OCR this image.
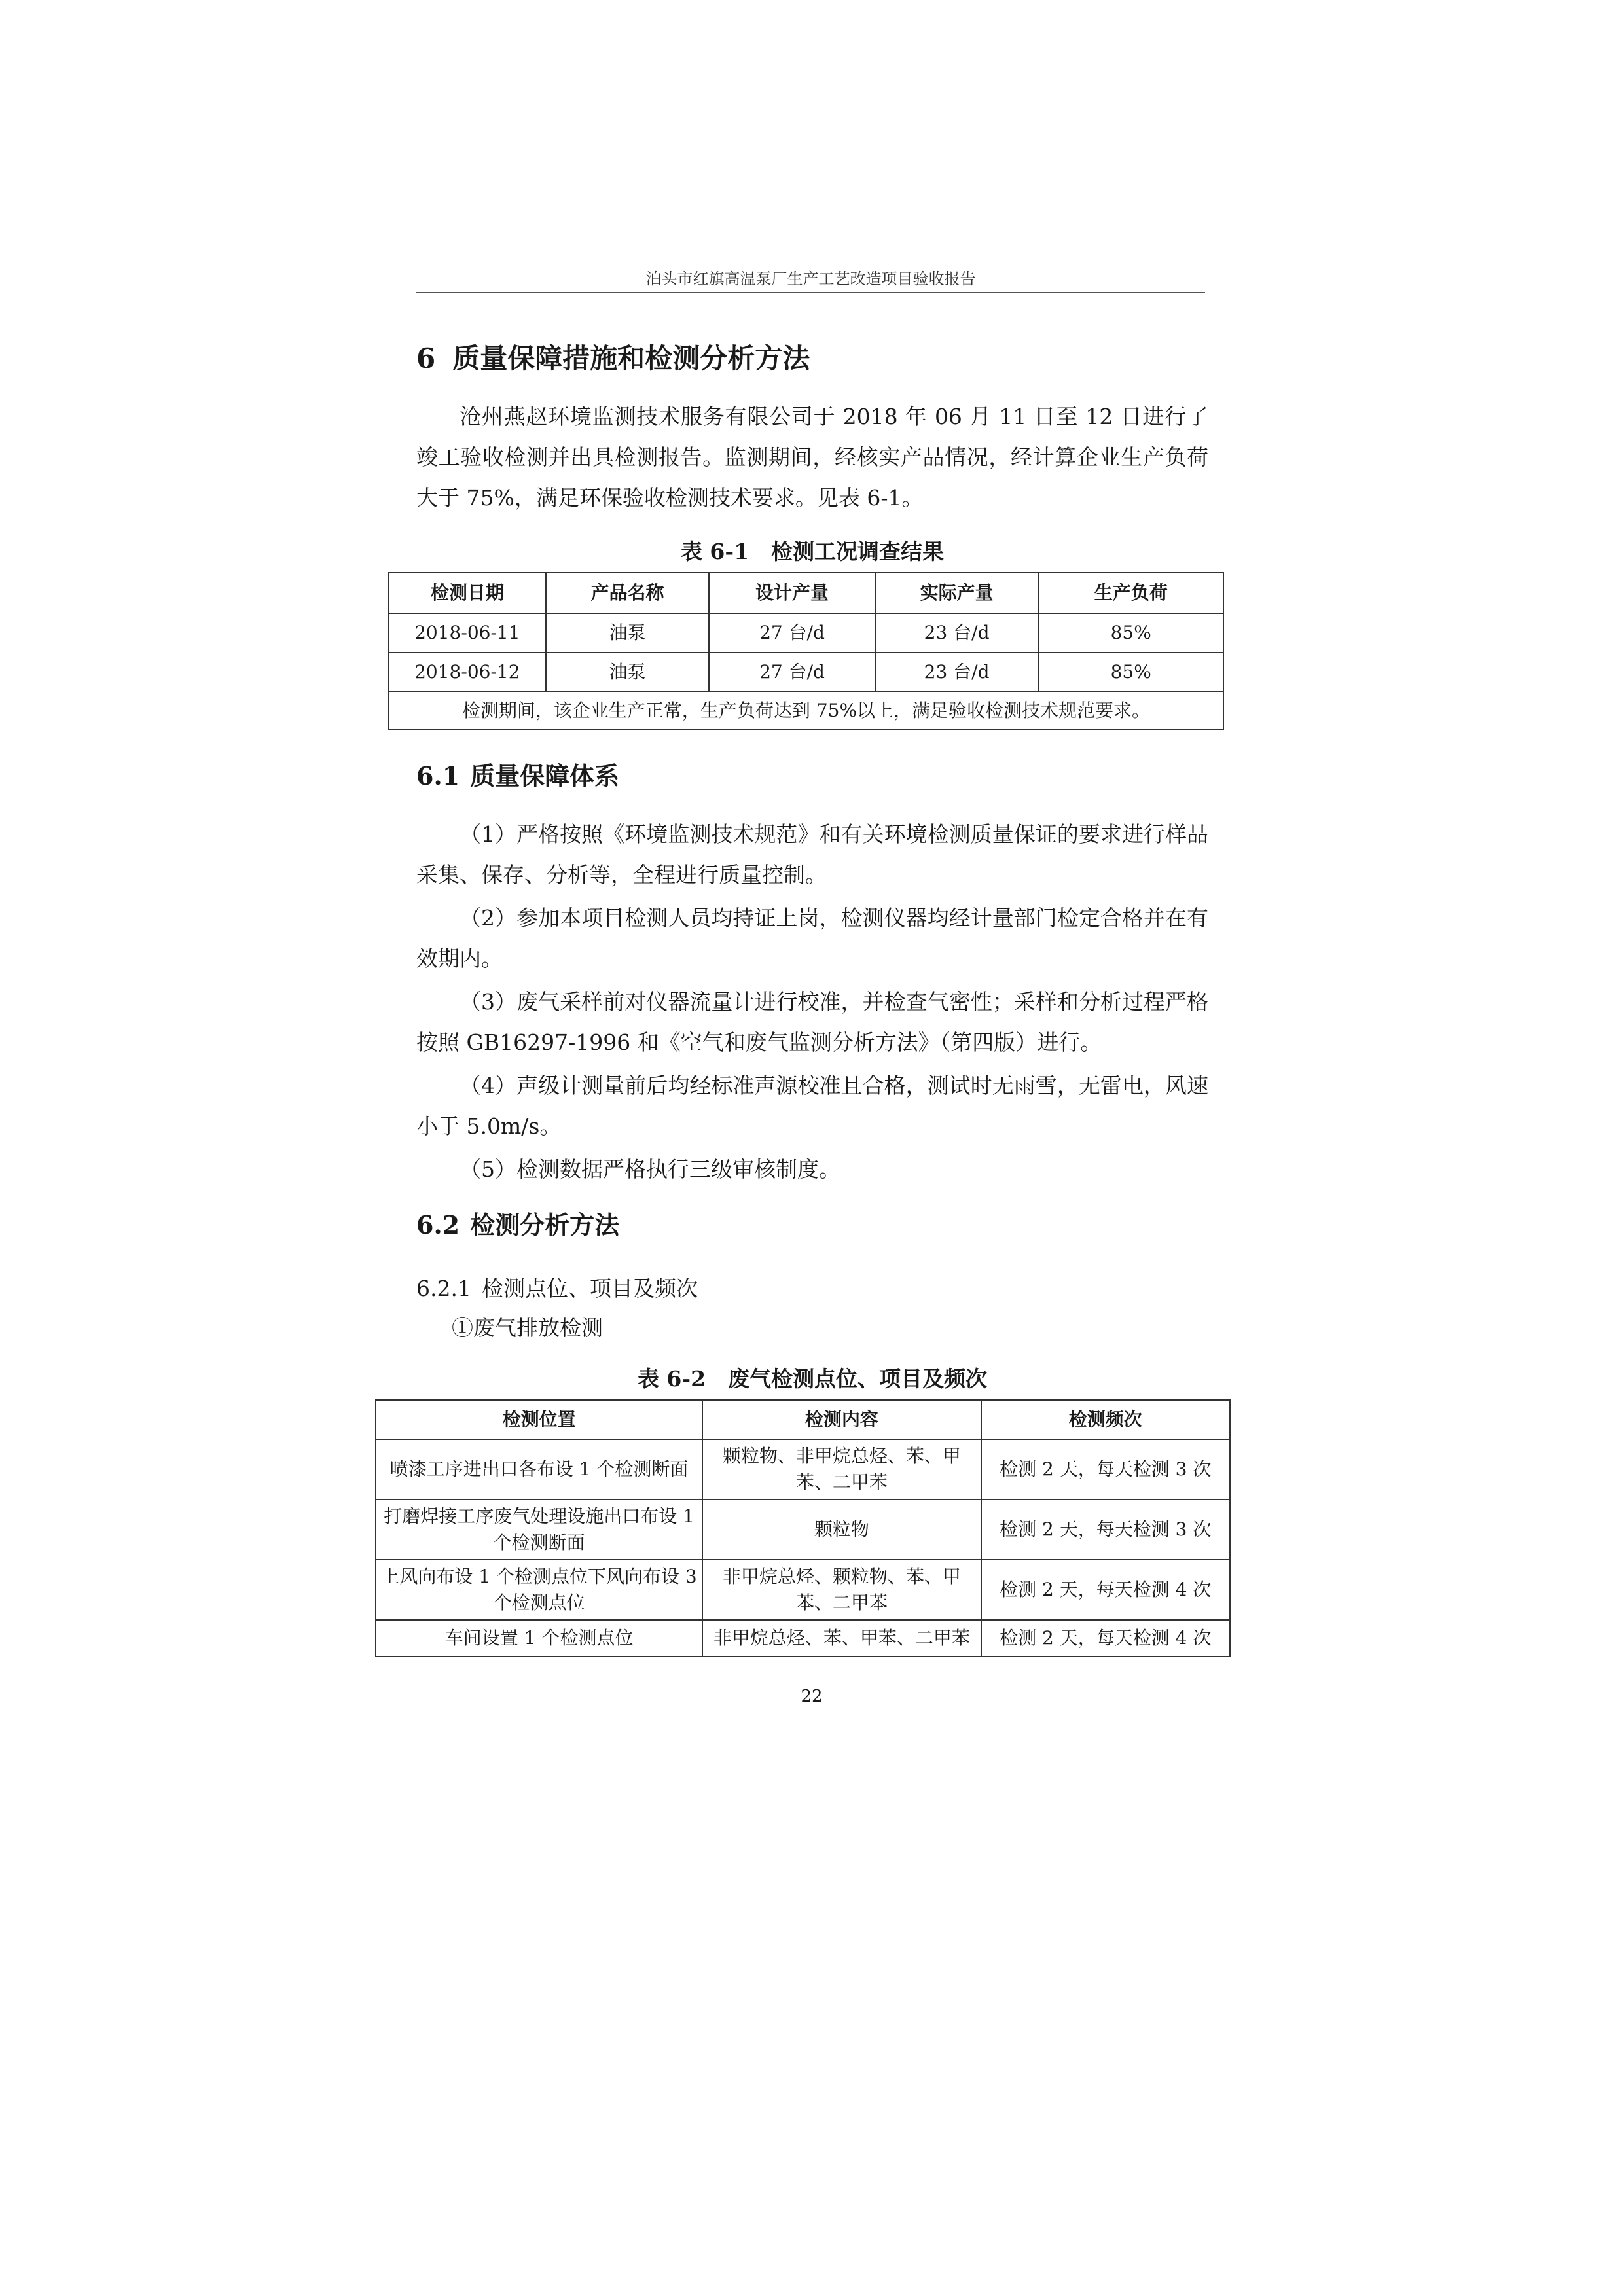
泊头市红旗高温泵厂生产工艺改造项目验收报告
6 质量保障措施和检测分析方法

沧州燕赵环境监测技术服务有限公司于 2018 年 06 月 11 日至 12 日进行了竣工验收检测并出具检测报告。监测期间，经核实产品情况，经计算企业生产负荷大于 75%，满足环保验收检测技术要求。见表 6-1。

表 6-1 检测工况调查结果
检测日期	产品名称	设计产量	实际产量	生产负荷
2018-06-11	油泵	27 台/d	23 台/d	85%
2018-06-12	油泵	27 台/d	23 台/d	85%
检测期间，该企业生产正常，生产负荷达到 75%以上，满足验收检测技术规范要求。				
6.1 质量保障体系

（1）严格按照《环境监测技术规范》和有关环境检测质量保证的要求进行样品采集、保存、分析等，全程进行质量控制。

（2）参加本项目检测人员均持证上岗，检测仪器均经计量部门检定合格并在有效期内。

（3）废气采样前对仪器流量计进行校准，并检查气密性；采样和分析过程严格按照 GB16297-1996 和《空气和废气监测分析方法》（第四版）进行。

（4）声级计测量前后均经标准声源校准且合格，测试时无雨雪，无雷电，风速小于 5.0m/s。

（5）检测数据严格执行三级审核制度。

6.2 检测分析方法
6.2.1 检测点位、项目及频次
①废气排放检测
表 6-2 废气检测点位、项目及频次
检测位置	检测内容	检测频次
喷漆工序进出口各布设 1 个检测断面	颗粒物、非甲烷总烃、苯、甲苯、二甲苯	检测 2 天，每天检测 3 次
打磨焊接工序废气处理设施出口布设 1 个检测断面	颗粒物	检测 2 天，每天检测 3 次
上风向布设 1 个检测点位下风向布设 3 个检测点位	非甲烷总烃、颗粒物、苯、甲苯、二甲苯	检测 2 天，每天检测 4 次
车间设置 1 个检测点位	非甲烷总烃、苯、甲苯、二甲苯	检测 2 天，每天检测 4 次
22
